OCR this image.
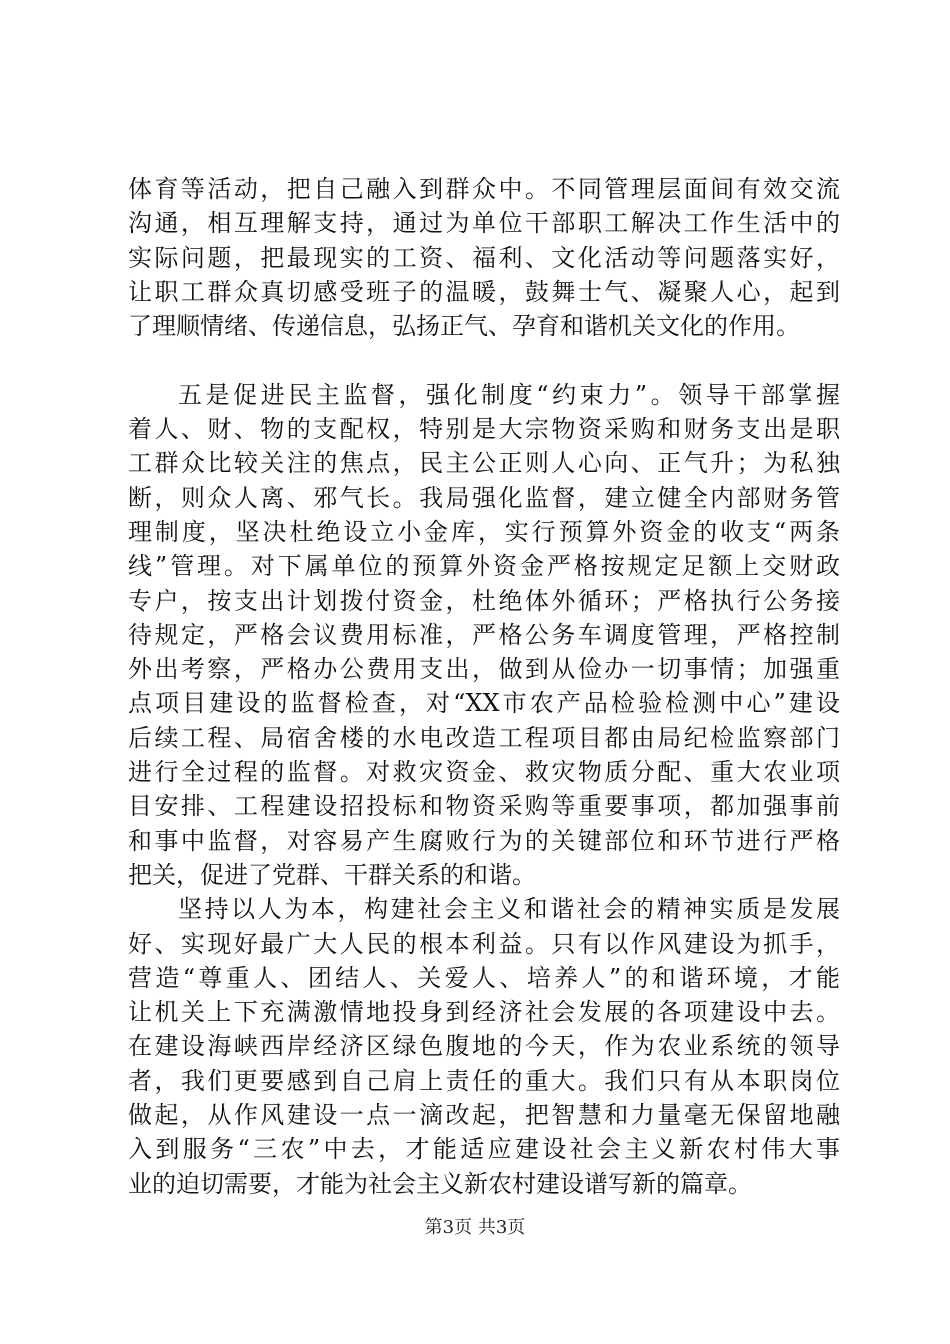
体育等活动，把自己融入到群众中。不同管理层面间有效交流
沟通，相互理解支持，通过为单位干部职工解决工作生活中的
实际问题，把最现实的工资、福利、文化活动等问题落实好，
让职工群众真切感受班子的温暖，鼓舞士气、凝聚人心，起到
了理顺情绪、传递信息，弘扬正气、孕育和谐机关文化的作用。
五是促进民主监督，强化制度“约束力”。领导干部掌握
着人、财、物的支配权，特别是大宗物资采购和财务支出是职
工群众比较关注的焦点，民主公正则人心向、正气升；为私独
断，则众人离、邪气长。我局强化监督，建立健全内部财务管
理制度，坚决杜绝设立小金库，实行预算外资金的收支“两条
线”管理。对下属单位的预算外资金严格按规定足额上交财政
专户，按支出计划拨付资金，杜绝体外循环；严格执行公务接
待规定，严格会议费用标准，严格公务车调度管理，严格控制
外出考察，严格办公费用支出，做到从俭办一切事情；加强重
点项目建设的监督检查，对“XX市农产品检验检测中心”建设
后续工程、局宿舍楼的水电改造工程项目都由局纪检监察部门
进行全过程的监督。对救灾资金、救灾物质分配、重大农业项
目安排、工程建设招投标和物资采购等重要事项，都加强事前
和事中监督，对容易产生腐败行为的关键部位和环节进行严格
把关，促进了党群、干群关系的和谐。
坚持以人为本，构建社会主义和谐社会的精神实质是发展
好、实现好最广大人民的根本利益。只有以作风建设为抓手，
营造“尊重人、团结人、关爱人、培养人”的和谐环境，才能
让机关上下充满激情地投身到经济社会发展的各项建设中去。
在建设海峡西岸经济区绿色腹地的今天，作为农业系统的领导
者，我们更要感到自己肩上责任的重大。我们只有从本职岗位
做起，从作风建设一点一滴改起，把智慧和力量毫无保留地融
入到服务“三农”中去，才能适应建设社会主义新农村伟大事
业的迫切需要，才能为社会主义新农村建设谱写新的篇章。
第3页 共3页
